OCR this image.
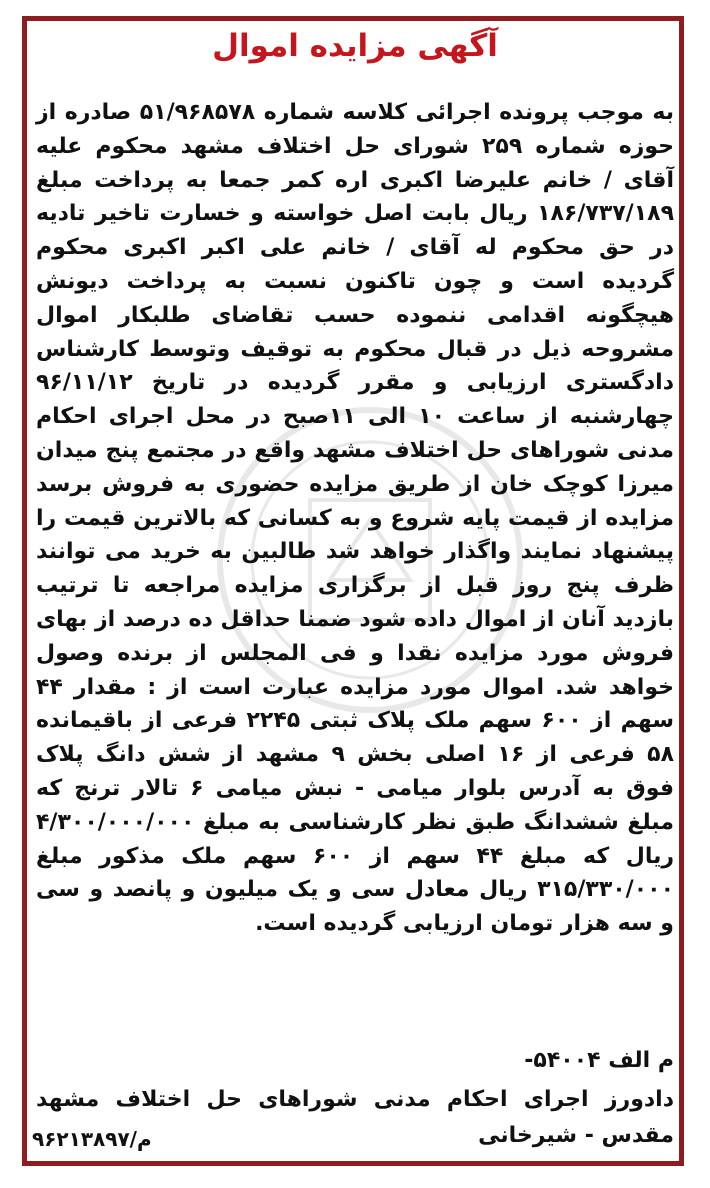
آگهی مزایده اموال
به موجب پرونده اجرائی کلاسه شماره ۵۱/۹۶۸۵۷۸ صادره از حوزه شماره ۲۵۹ شورای حل اختلاف مشهد محکوم علیه آقای / خانم علیرضا اکبری اره کمر جمعا به پرداخت مبلغ ۱۸۶/۷۳۷/۱۸۹ ریال بابت اصل خواسته و خسارت تاخیر تادیه در حق محکوم له آقای / خانم علی اکبر اکبری محکوم گردیده است و چون تاکنون نسبت به پرداخت دیونش هیچگونه اقدامی ننموده حسب تقاضای طلبکار اموال مشروحه ذیل در قبال محکوم به توقیف وتوسط کارشناس دادگستری ارزیابی و مقرر گردیده در تاریخ ۹۶/۱۱/۱۲ چهارشنبه از ساعت ۱۰ الی ۱۱صبح در محل اجرای احکام مدنی شوراهای حل اختلاف مشهد واقع در مجتمع پنج میدان میرزا کوچک خان از طریق مزایده حضوری به فروش برسد مزایده از قیمت پایه شروع و به کسانی که بالاترین قیمت را پیشنهاد نمایند واگذار خواهد شد طالبین به خرید می توانند ظرف پنج روز قبل از برگزاری مزایده مراجعه تا ترتیب بازدید آنان از اموال داده شود ضمنا حداقل ده درصد از بهای فروش مورد مزایده نقدا و فی المجلس از برنده وصول خواهد شد. اموال مورد مزایده عبارت است از : مقدار ۴۴ سهم از ۶۰۰ سهم ملک پلاک ثبتی ۲۲۴۵ فرعی از باقیمانده ۵۸ فرعی از ۱۶ اصلی بخش ۹ مشهد از شش دانگ پلاک فوق به آدرس بلوار میامی - نبش میامی ۶ تالار ترنج که مبلغ ششدانگ طبق نظر کارشناسی به مبلغ ۴/۳۰۰/۰۰۰/۰۰۰ ریال که مبلغ ۴۴ سهم از ۶۰۰ سهم ملک مذکور مبلغ ۳۱۵/۳۳۰/۰۰۰ ریال معادل سی و یک میلیون و پانصد و سی و سه هزار تومان ارزیابی گردیده است.
م الف ۵۴۰۰۴-
دادورز اجرای احکام مدنی شوراهای حل اختلاف مشهد مقدس - شیرخانی
م/۹۶۲۱۳۸۹۷
